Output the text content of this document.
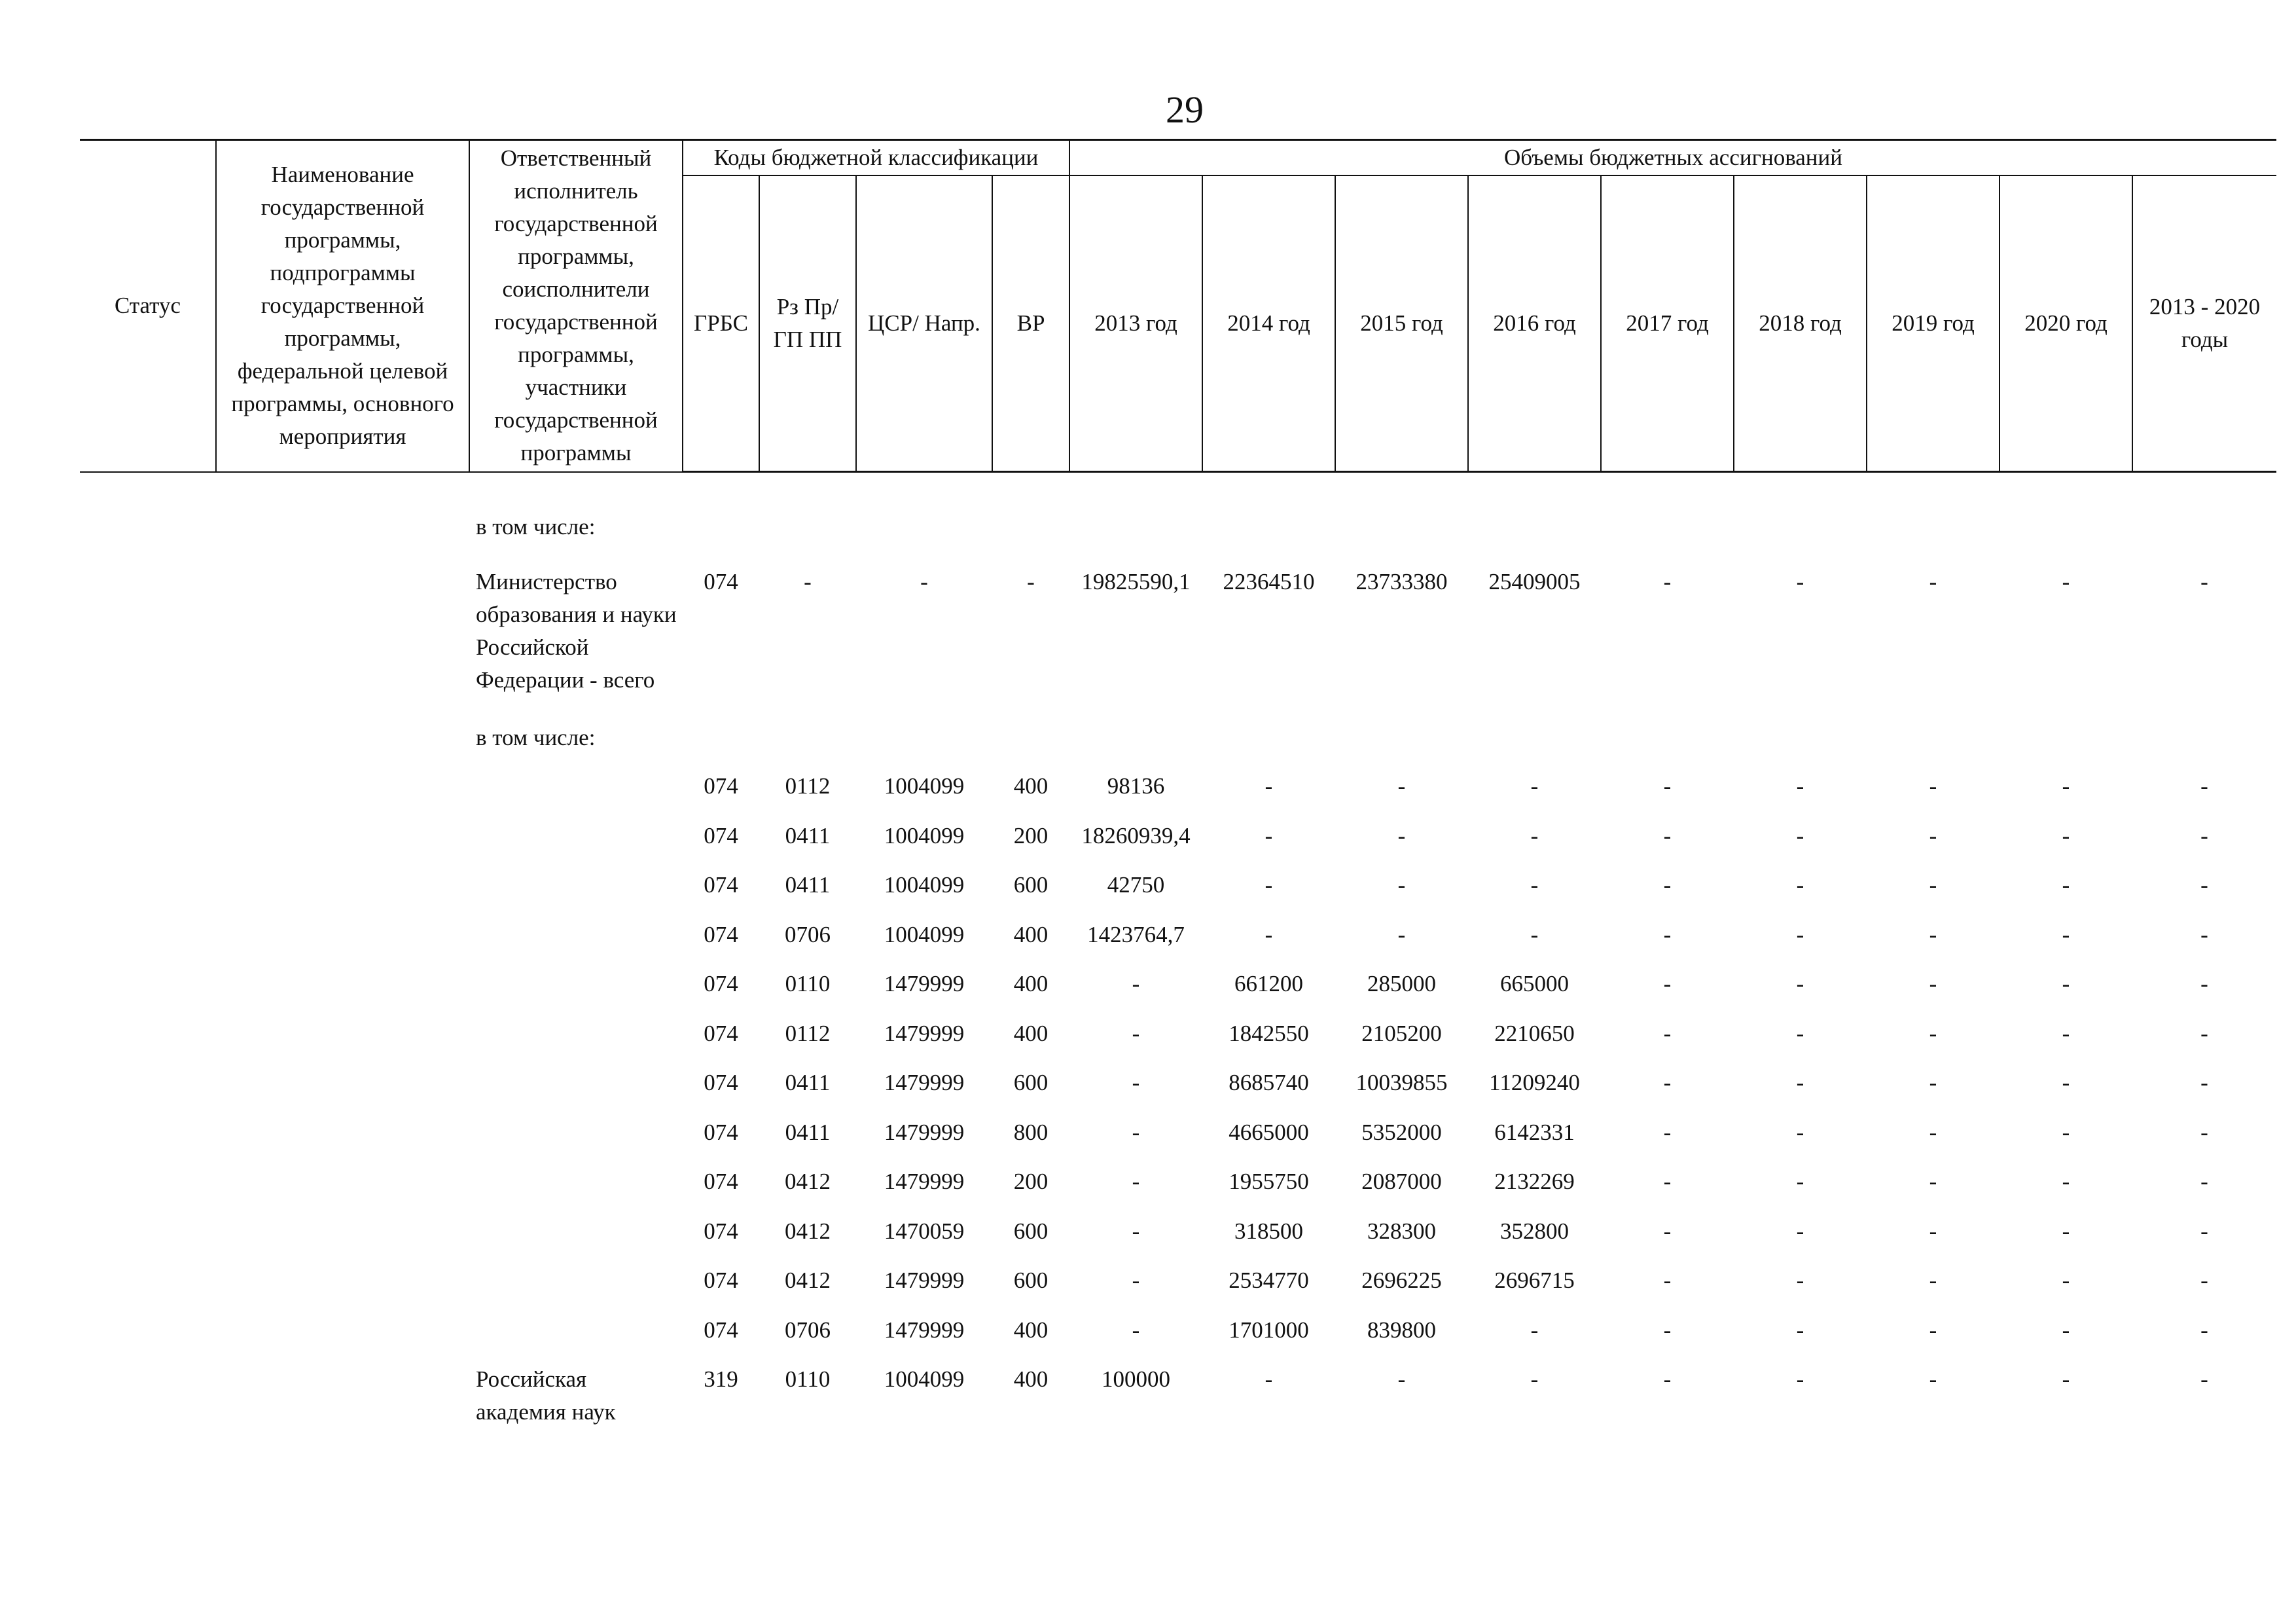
29
Статус	Наименование государственной программы, подпрограммы государственной программы, федеральной целевой программы, основного мероприятия	Ответственный исполнитель государственной программы, соисполнители государственной программы, участники государственной программы	Коды бюджетной классификации				Объемы бюджетных ассигнований								
			ГРБС	Рз Пр/ ГП ПП	ЦСР/ Напр.	ВР	2013 год	2014 год	2015 год	2016 год	2017 год	2018 год	2019 год	2020 год	2013 - 2020 годы

		в том числе:													
		Министерство образования и науки Российской Федерации - всего	074	-	-	-	19825590,1	22364510	23733380	25409005	-	-	-	-	-
		в том числе:													
			074	0112	1004099	400	98136	-	-	-	-	-	-	-	-
			074	0411	1004099	200	18260939,4	-	-	-	-	-	-	-	-
			074	0411	1004099	600	42750	-	-	-	-	-	-	-	-
			074	0706	1004099	400	1423764,7	-	-	-	-	-	-	-	-
			074	0110	1479999	400	-	661200	285000	665000	-	-	-	-	-
			074	0112	1479999	400	-	1842550	2105200	2210650	-	-	-	-	-
			074	0411	1479999	600	-	8685740	10039855	11209240	-	-	-	-	-
			074	0411	1479999	800	-	4665000	5352000	6142331	-	-	-	-	-
			074	0412	1479999	200	-	1955750	2087000	2132269	-	-	-	-	-
			074	0412	1470059	600	-	318500	328300	352800	-	-	-	-	-
			074	0412	1479999	600	-	2534770	2696225	2696715	-	-	-	-	-
			074	0706	1479999	400	-	1701000	839800	-	-	-	-	-	-
		Российская академия наук	319	0110	1004099	400	100000	-	-	-	-	-	-	-	-
